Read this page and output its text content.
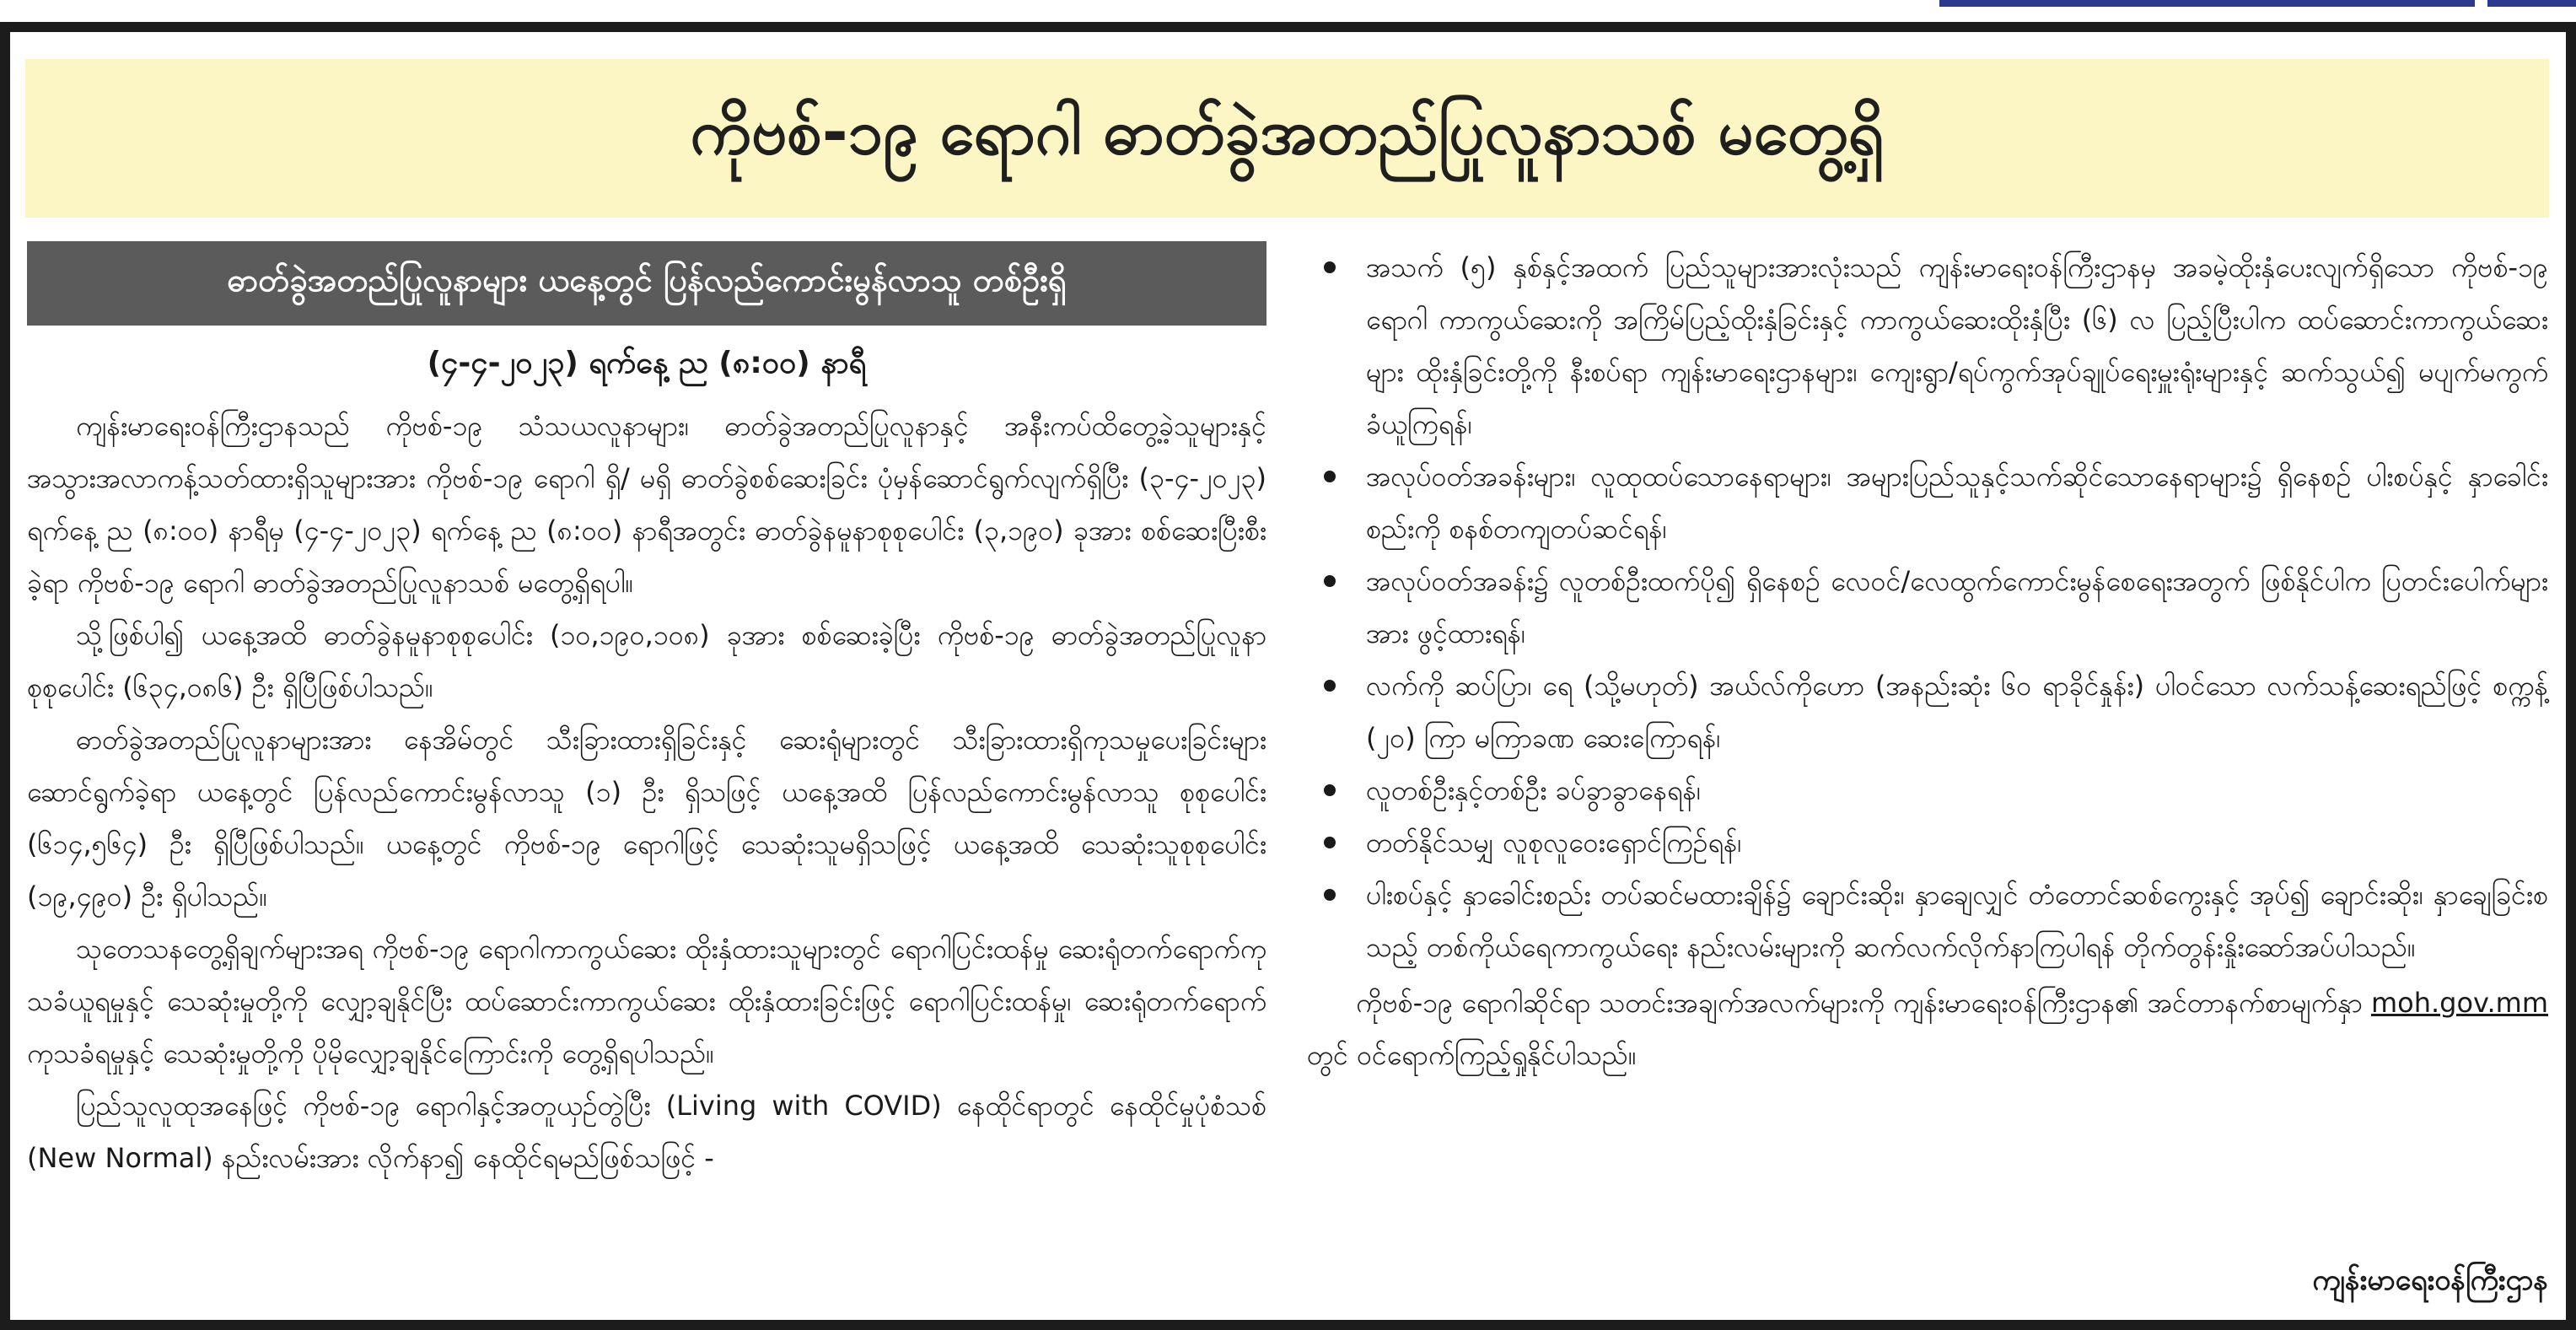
ကိုဗစ်-၁၉ ရောဂါ ဓာတ်ခွဲအတည်ပြုလူနာသစ် မတွေ့ရှိ
ဓာတ်ခွဲအတည်ပြုလူနာများ ယနေ့တွင် ပြန်လည်ကောင်းမွန်လာသူ တစ်ဦးရှိ
(၄-၄-၂၀၂၃) ရက်နေ့ ည (၈:၀၀) နာရီ

ကျန်းမာရေးဝန်ကြီးဌာနသည် ကိုဗစ်-၁၉ သံသယလူနာများ၊ ဓာတ်ခွဲအတည်ပြုလူနာနှင့် အနီးကပ်ထိတွေ့ခဲ့သူများနှင့် အသွားအလာကန့်သတ်ထားရှိသူများအား ကိုဗစ်-၁၉ ရောဂါ ရှိ/ မရှိ ဓာတ်ခွဲစစ်ဆေးခြင်း ပုံမှန်ဆောင်ရွက်လျက်ရှိပြီး (၃-၄-၂၀၂၃) ရက်နေ့ ည (၈:၀၀) နာရီမှ (၄-၄-၂၀၂၃) ရက်နေ့ ည (၈:၀၀) နာရီအတွင်း ဓာတ်ခွဲနမူနာစုစုပေါင်း (၃,၁၉၀) ခုအား စစ်ဆေးပြီးစီးခဲ့ရာ ကိုဗစ်-၁၉ ရောဂါ ဓာတ်ခွဲအတည်ပြုလူနာသစ် မတွေ့ရှိရပါ။

သို့ဖြစ်ပါ၍ ယနေ့အထိ ဓာတ်ခွဲနမူနာစုစုပေါင်း (၁၀,၁၉၀,၁၀၈) ခုအား စစ်ဆေးခဲ့ပြီး ကိုဗစ်-၁၉ ဓာတ်ခွဲအတည်ပြုလူနာ စုစုပေါင်း (၆၃၄,၀၈၆) ဦး ရှိပြီဖြစ်ပါသည်။

ဓာတ်ခွဲအတည်ပြုလူနာများအား နေအိမ်တွင် သီးခြားထားရှိခြင်းနှင့် ဆေးရုံများတွင် သီးခြားထားရှိကုသမှုပေးခြင်းများ ဆောင်ရွက်ခဲ့ရာ ယနေ့တွင် ပြန်လည်ကောင်းမွန်လာသူ (၁) ဦး ရှိသဖြင့် ယနေ့အထိ ပြန်လည်ကောင်းမွန်လာသူ စုစုပေါင်း (၆၁၄,၅၆၄) ဦး ရှိပြီဖြစ်ပါသည်။ ယနေ့တွင် ကိုဗစ်-၁၉ ရောဂါဖြင့် သေဆုံးသူမရှိသဖြင့် ယနေ့အထိ သေဆုံးသူစုစုပေါင်း (၁၉,၄၉၀) ဦး ရှိပါသည်။

သုတေသနတွေ့ရှိချက်များအရ ကိုဗစ်-၁၉ ရောဂါကာကွယ်ဆေး ထိုးနှံထားသူများတွင် ရောဂါပြင်းထန်မှု ဆေးရုံတက်ရောက်ကုသခံယူရမှုနှင့် သေဆုံးမှုတို့ကို လျှော့ချနိုင်ပြီး ထပ်ဆောင်းကာကွယ်ဆေး ထိုးနှံထားခြင်းဖြင့် ရောဂါပြင်းထန်မှု၊ ဆေးရုံတက်ရောက်ကုသခံရမှုနှင့် သေဆုံးမှုတို့ကို ပိုမိုလျှော့ချနိုင်ကြောင်းကို တွေ့ရှိရပါသည်။

ပြည်သူလူထုအနေဖြင့် ကိုဗစ်-၁၉ ရောဂါနှင့်အတူယှဉ်တွဲပြီး (Living with COVID) နေထိုင်ရာတွင် နေထိုင်မှုပုံစံသစ် (New Normal) နည်းလမ်းအား လိုက်နာ၍ နေထိုင်ရမည်ဖြစ်သဖြင့် -

အသက် (၅) နှစ်နှင့်အထက် ပြည်သူများအားလုံးသည် ကျန်းမာရေးဝန်ကြီးဌာနမှ အခမဲ့ထိုးနှံပေးလျက်ရှိသော ကိုဗစ်-၁၉ ရောဂါ ကာကွယ်ဆေးကို အကြိမ်ပြည့်ထိုးနှံခြင်းနှင့် ကာကွယ်ဆေးထိုးနှံပြီး (၆) လ ပြည့်ပြီးပါက ထပ်ဆောင်းကာကွယ်ဆေးများ ထိုးနှံခြင်းတို့ကို နီးစပ်ရာ ကျန်းမာရေးဌာနများ၊ ကျေးရွာ/ရပ်ကွက်အုပ်ချုပ်ရေးမှူးရုံးများနှင့် ဆက်သွယ်၍ မပျက်မကွက်ခံယူကြရန်၊
အလုပ်ဝတ်အခန်းများ၊ လူထုထပ်သောနေရာများ၊ အများပြည်သူနှင့်သက်ဆိုင်သောနေရာများ၌ ရှိနေစဉ် ပါးစပ်နှင့် နှာခေါင်းစည်းကို စနစ်တကျတပ်ဆင်ရန်၊
အလုပ်ဝတ်အခန်း၌ လူတစ်ဦးထက်ပို၍ ရှိနေစဉ် လေဝင်/လေထွက်ကောင်းမွန်စေရေးအတွက် ဖြစ်နိုင်ပါက ပြတင်းပေါက်များအား ဖွင့်ထားရန်၊
လက်ကို ဆပ်ပြာ၊ ရေ (သို့မဟုတ်) အယ်လ်ကိုဟော (အနည်းဆုံး ၆၀ ရာခိုင်နှုန်း) ပါဝင်သော လက်သန့်ဆေးရည်ဖြင့် စက္ကန့် (၂၀) ကြာ မကြာခဏ ဆေးကြောရန်၊
လူတစ်ဦးနှင့်တစ်ဦး ခပ်ခွာခွာနေရန်၊
တတ်နိုင်သမျှ လူစုလူဝေးရှောင်ကြဉ်ရန်၊
ပါးစပ်နှင့် နှာခေါင်းစည်း တပ်ဆင်မထားချိန်၌ ချောင်းဆိုး၊ နှာချေလျှင် တံတောင်ဆစ်ကွေးနှင့် အုပ်၍ ချောင်းဆိုး၊ နှာချေခြင်းစသည့် တစ်ကိုယ်ရေကာကွယ်ရေး နည်းလမ်းများကို ဆက်လက်လိုက်နာကြပါရန် တိုက်တွန်းနှိုးဆော်အပ်ပါသည်။

ကိုဗစ်-၁၉ ရောဂါဆိုင်ရာ သတင်းအချက်အလက်များကို ကျန်းမာရေးဝန်ကြီးဌာန၏ အင်တာနက်စာမျက်နှာ moh.gov.mm တွင် ဝင်ရောက်ကြည့်ရှုနိုင်ပါသည်။

ကျန်းမာရေးဝန်ကြီးဌာန
